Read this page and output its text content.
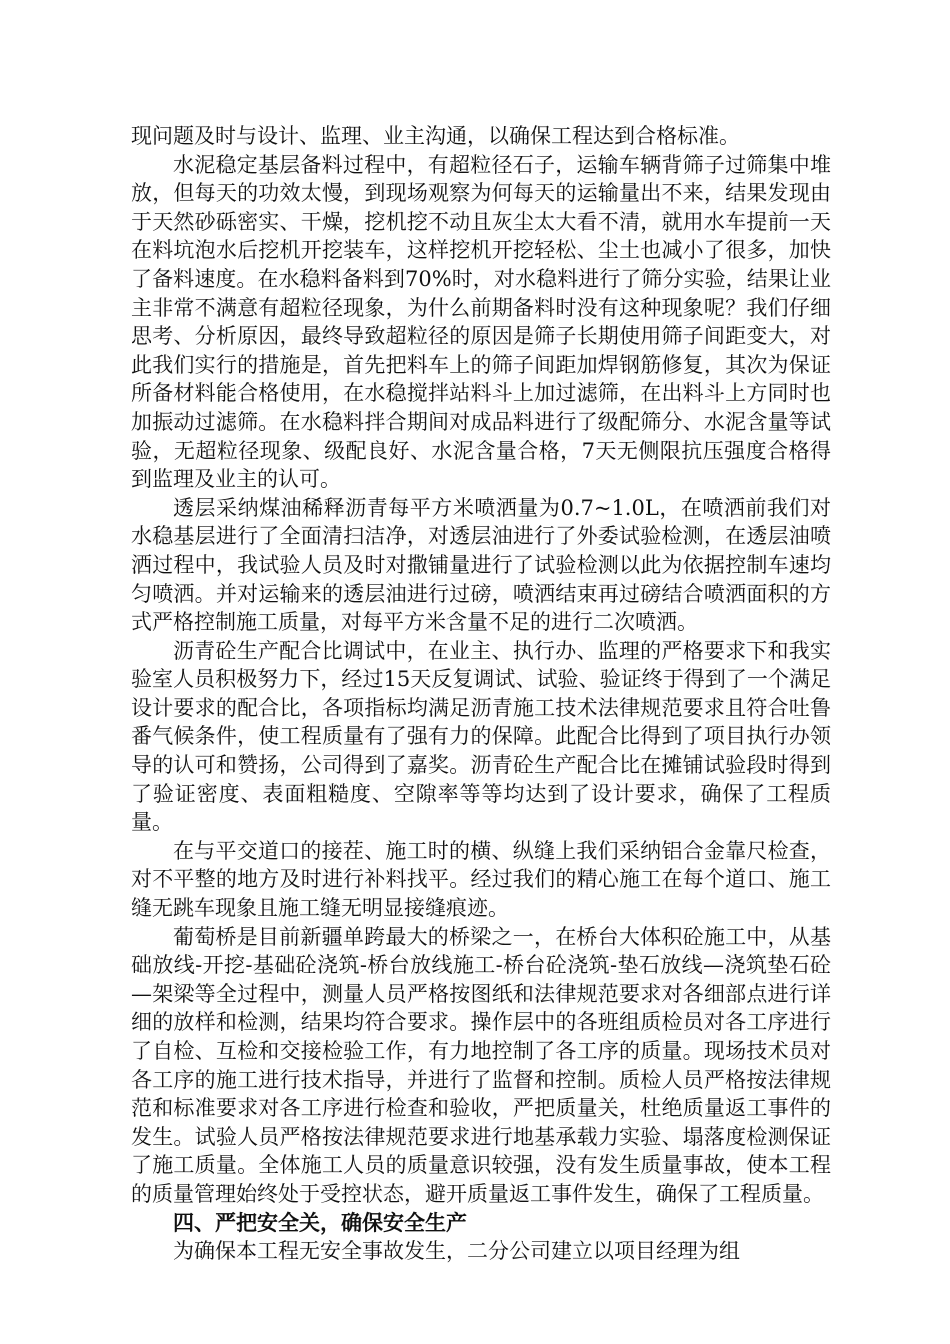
现问题及时与设计、监理、业主沟通，以确保工程达到合格标准。

水泥稳定基层备料过程中，有超粒径石子，运输车辆背筛子过筛集中堆放，但每天的功效太慢，到现场观察为何每天的运输量出不来，结果发现由于天然砂砾密实、干燥，挖机挖不动且灰尘太大看不清，就用水车提前一天在料坑泡水后挖机开挖装车，这样挖机开挖轻松、尘土也减小了很多，加快了备料速度。在水稳料备料到70%时，对水稳料进行了筛分实验，结果让业主非常不满意有超粒径现象，为什么前期备料时没有这种现象呢？我们仔细思考、分析原因，最终导致超粒径的原因是筛子长期使用筛子间距变大，对此我们实行的措施是，首先把料车上的筛子间距加焊钢筋修复，其次为保证所备材料能合格使用，在水稳搅拌站料斗上加过滤筛，在出料斗上方同时也加振动过滤筛。在水稳料拌合期间对成品料进行了级配筛分、水泥含量等试验，无超粒径现象、级配良好、水泥含量合格，7天无侧限抗压强度合格得到监理及业主的认可。

透层采纳煤油稀释沥青每平方米喷洒量为0.7~1.0L，在喷洒前我们对水稳基层进行了全面清扫洁净，对透层油进行了外委试验检测，在透层油喷洒过程中，我试验人员及时对撒铺量进行了试验检测以此为依据控制车速均匀喷洒。并对运输来的透层油进行过磅，喷洒结束再过磅结合喷洒面积的方式严格控制施工质量，对每平方米含量不足的进行二次喷洒。

沥青砼生产配合比调试中，在业主、执行办、监理的严格要求下和我实验室人员积极努力下，经过15天反复调试、试验、验证终于得到了一个满足设计要求的配合比，各项指标均满足沥青施工技术法律规范要求且符合吐鲁番气候条件，使工程质量有了强有力的保障。此配合比得到了项目执行办领导的认可和赞扬，公司得到了嘉奖。沥青砼生产配合比在摊铺试验段时得到了验证密度、表面粗糙度、空隙率等等均达到了设计要求，确保了工程质量。

在与平交道口的接茬、施工时的横、纵缝上我们采纳铝合金靠尺检查，对不平整的地方及时进行补料找平。经过我们的精心施工在每个道口、施工缝无跳车现象且施工缝无明显接缝痕迹。

葡萄桥是目前新疆单跨最大的桥梁之一，在桥台大体积砼施工中，从基础放线-开挖-基础砼浇筑-桥台放线施工-桥台砼浇筑-垫石放线—浇筑垫石砼—架梁等全过程中，测量人员严格按图纸和法律规范要求对各细部点进行详细的放样和检测，结果均符合要求。操作层中的各班组质检员对各工序进行了自检、互检和交接检验工作，有力地控制了各工序的质量。现场技术员对各工序的施工进行技术指导，并进行了监督和控制。质检人员严格按法律规范和标准要求对各工序进行检查和验收，严把质量关，杜绝质量返工事件的发生。试验人员严格按法律规范要求进行地基承载力实验、塌落度检测保证了施工质量。全体施工人员的质量意识较强，没有发生质量事故，使本工程的质量管理始终处于受控状态，避开质量返工事件发生，确保了工程质量。

四、严把安全关，确保安全生产

为确保本工程无安全事故发生，二分公司建立以项目经理为组
